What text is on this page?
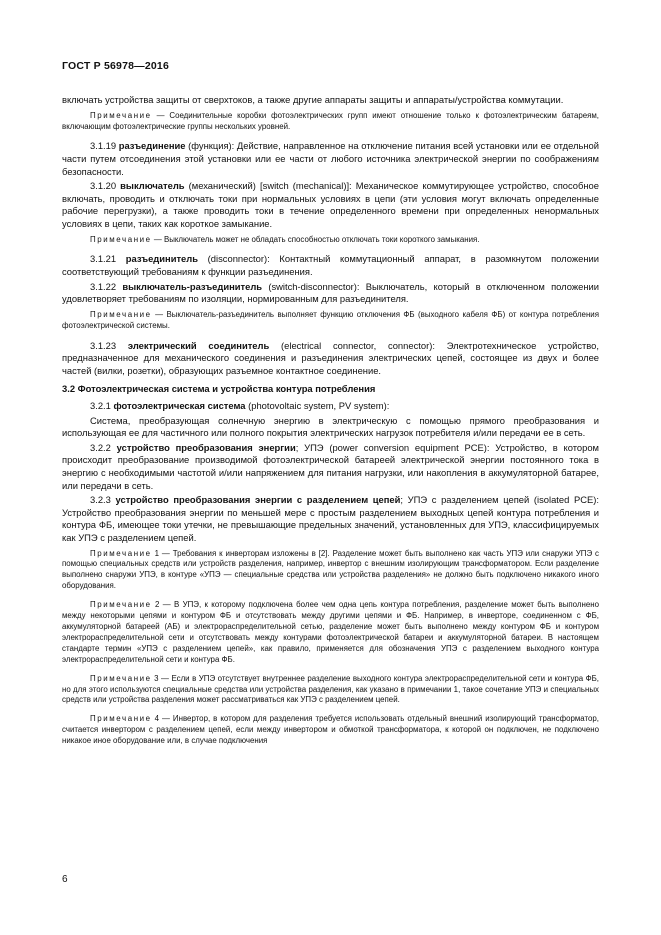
ГОСТ Р 56978—2016

включать устройства защиты от сверхтоков, а также другие аппараты защиты и аппараты/устройства коммутации.

Примечание — Соединительные коробки фотоэлектрических групп имеют отношение только к фотоэлектрическим батареям, включающим фотоэлектрические группы нескольких уровней.

3.1.19 разъединение (функция): Действие, направленное на отключение питания всей установки или ее отдельной части путем отсоединения этой установки или ее части от любого источника электрической энергии по соображениям безопасности.

3.1.20 выключатель (механический) [switch (mechanical)]: Механическое коммутирующее устройство, способное включать, проводить и отключать токи при нормальных условиях в цепи (эти условия могут включать определенные рабочие перегрузки), а также проводить токи в течение определенного времени при определенных ненормальных условиях в цепи, таких как короткое замыкание.

Примечание — Выключатель может не обладать способностью отключать токи короткого замыкания.

3.1.21 разъединитель (disconnector): Контактный коммутационный аппарат, в разомкнутом положении соответствующий требованиям к функции разъединения.

3.1.22 выключатель-разъединитель (switch-disconnector): Выключатель, который в отключенном положении удовлетворяет требованиям по изоляции, нормированным для разъединителя.

Примечание — Выключатель-разъединитель выполняет функцию отключения ФБ (выходного кабеля ФБ) от контура потребления фотоэлектрической системы.

3.1.23 электрический соединитель (electrical connector, connector): Электротехническое устройство, предназначенное для механического соединения и разъединения электрических цепей, состоящее из двух и более частей (вилки, розетки), образующих разъемное контактное соединение.

3.2 Фотоэлектрическая система и устройства контура потребления

3.2.1 фотоэлектрическая система (photovoltaic system, PV system):

Система, преобразующая солнечную энергию в электрическую с помощью прямого преобразования и использующая ее для частичного или полного покрытия электрических нагрузок потребителя и/или передачи ее в сеть.

3.2.2 устройство преобразования энергии; УПЭ (power conversion equipment PCE): Устройство, в котором происходит преобразование производимой фотоэлектрической батареей электрической энергии постоянного тока в энергию с необходимыми частотой и/или напряжением для питания нагрузки, или накопления в аккумуляторной батарее, или передачи в сеть.

3.2.3 устройство преобразования энергии с разделением цепей; УПЭ с разделением цепей (isolated PCE): Устройство преобразования энергии по меньшей мере с простым разделением выходных цепей контура потребления и контура ФБ, имеющее токи утечки, не превышающие предельных значений, установленных для УПЭ, классифицируемых как УПЭ с разделением цепей.

Примечание 1 — Требования к инверторам изложены в [2]. Разделение может быть выполнено как часть УПЭ или снаружи УПЭ с помощью специальных средств или устройств разделения, например, инвертор с внешним изолирующим трансформатором. Если разделение выполнено снаружи УПЭ, в контуре «УПЭ — специальные средства или устройства разделения» не должно быть подключено никакого иного оборудования.

Примечание 2 — В УПЭ, к которому подключена более чем одна цепь контура потребления, разделение может быть выполнено между некоторыми цепями и контуром ФБ и отсутствовать между другими цепями и ФБ. Например, в инверторе, соединенном с ФБ, аккумуляторной батареей (АБ) и электрораспределительной сетью, разделение может быть выполнено между контуром ФБ и контуром электрораспределительной сети и отсутствовать между контурами фотоэлектрической батареи и аккумуляторной батареи. В настоящем стандарте термин «УПЭ с разделением цепей», как правило, применяется для обозначения УПЭ с разделением выходного контура электрораспределительной сети и контура ФБ.

Примечание 3 — Если в УПЭ отсутствует внутреннее разделение выходного контура электрораспределительной сети и контура ФБ, но для этого используются специальные средства или устройства разделения, как указано в примечании 1, такое сочетание УПЭ и специальных средств или устройства разделения может рассматриваться как УПЭ с разделением цепей.

Примечание 4 — Инвертор, в котором для разделения требуется использовать отдельный внешний изолирующий трансформатор, считается инвертором с разделением цепей, если между инвертором и обмоткой трансформатора, к которой он подключен, не подключено никакое иное оборудование или, в случае подключения

6
